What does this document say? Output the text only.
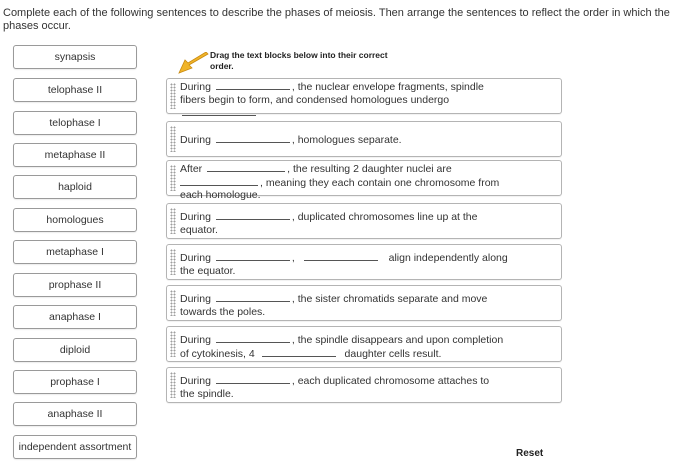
Complete each of the following sentences to describe the phases of meiosis. Then arrange the sentences to reflect the order in which the phases occur.

synapsis
telophase II
telophase I
metaphase II
haploid
homologues
metaphase I
prophase II
anaphase I
diploid
prophase I
anaphase II
independent assortment
Drag the text blocks below into their correct order.
During	, the nuclear envelope fragments, spindle
fibers begin to form, and condensed homologues undergo

During	, homologues separate.
After	, the resulting 2 daughter nuclei are
, meaning they each contain one chromosome from
each homologue.
During	, duplicated chromosomes line up at the
equator.
During	,	align independently along
the equator.
During	, the sister chromatids separate and move
towards the poles.
During	, the spindle disappears and upon completion
of cytokinesis, 4	daughter cells result.
During	, each duplicated chromosome attaches to
the spindle.
Reset
